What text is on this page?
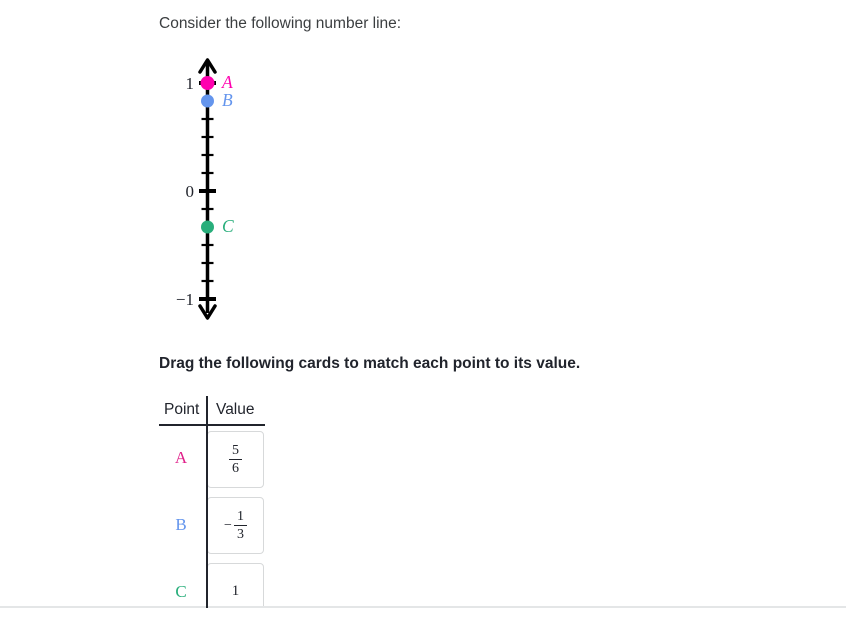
Consider the following number line:
1
0
−1
A
B
C
Drag the following cards to match each point to its value.
Point Value
A
B
C
$\frac{5}{6}$
− $\frac{1}{3}$
1
